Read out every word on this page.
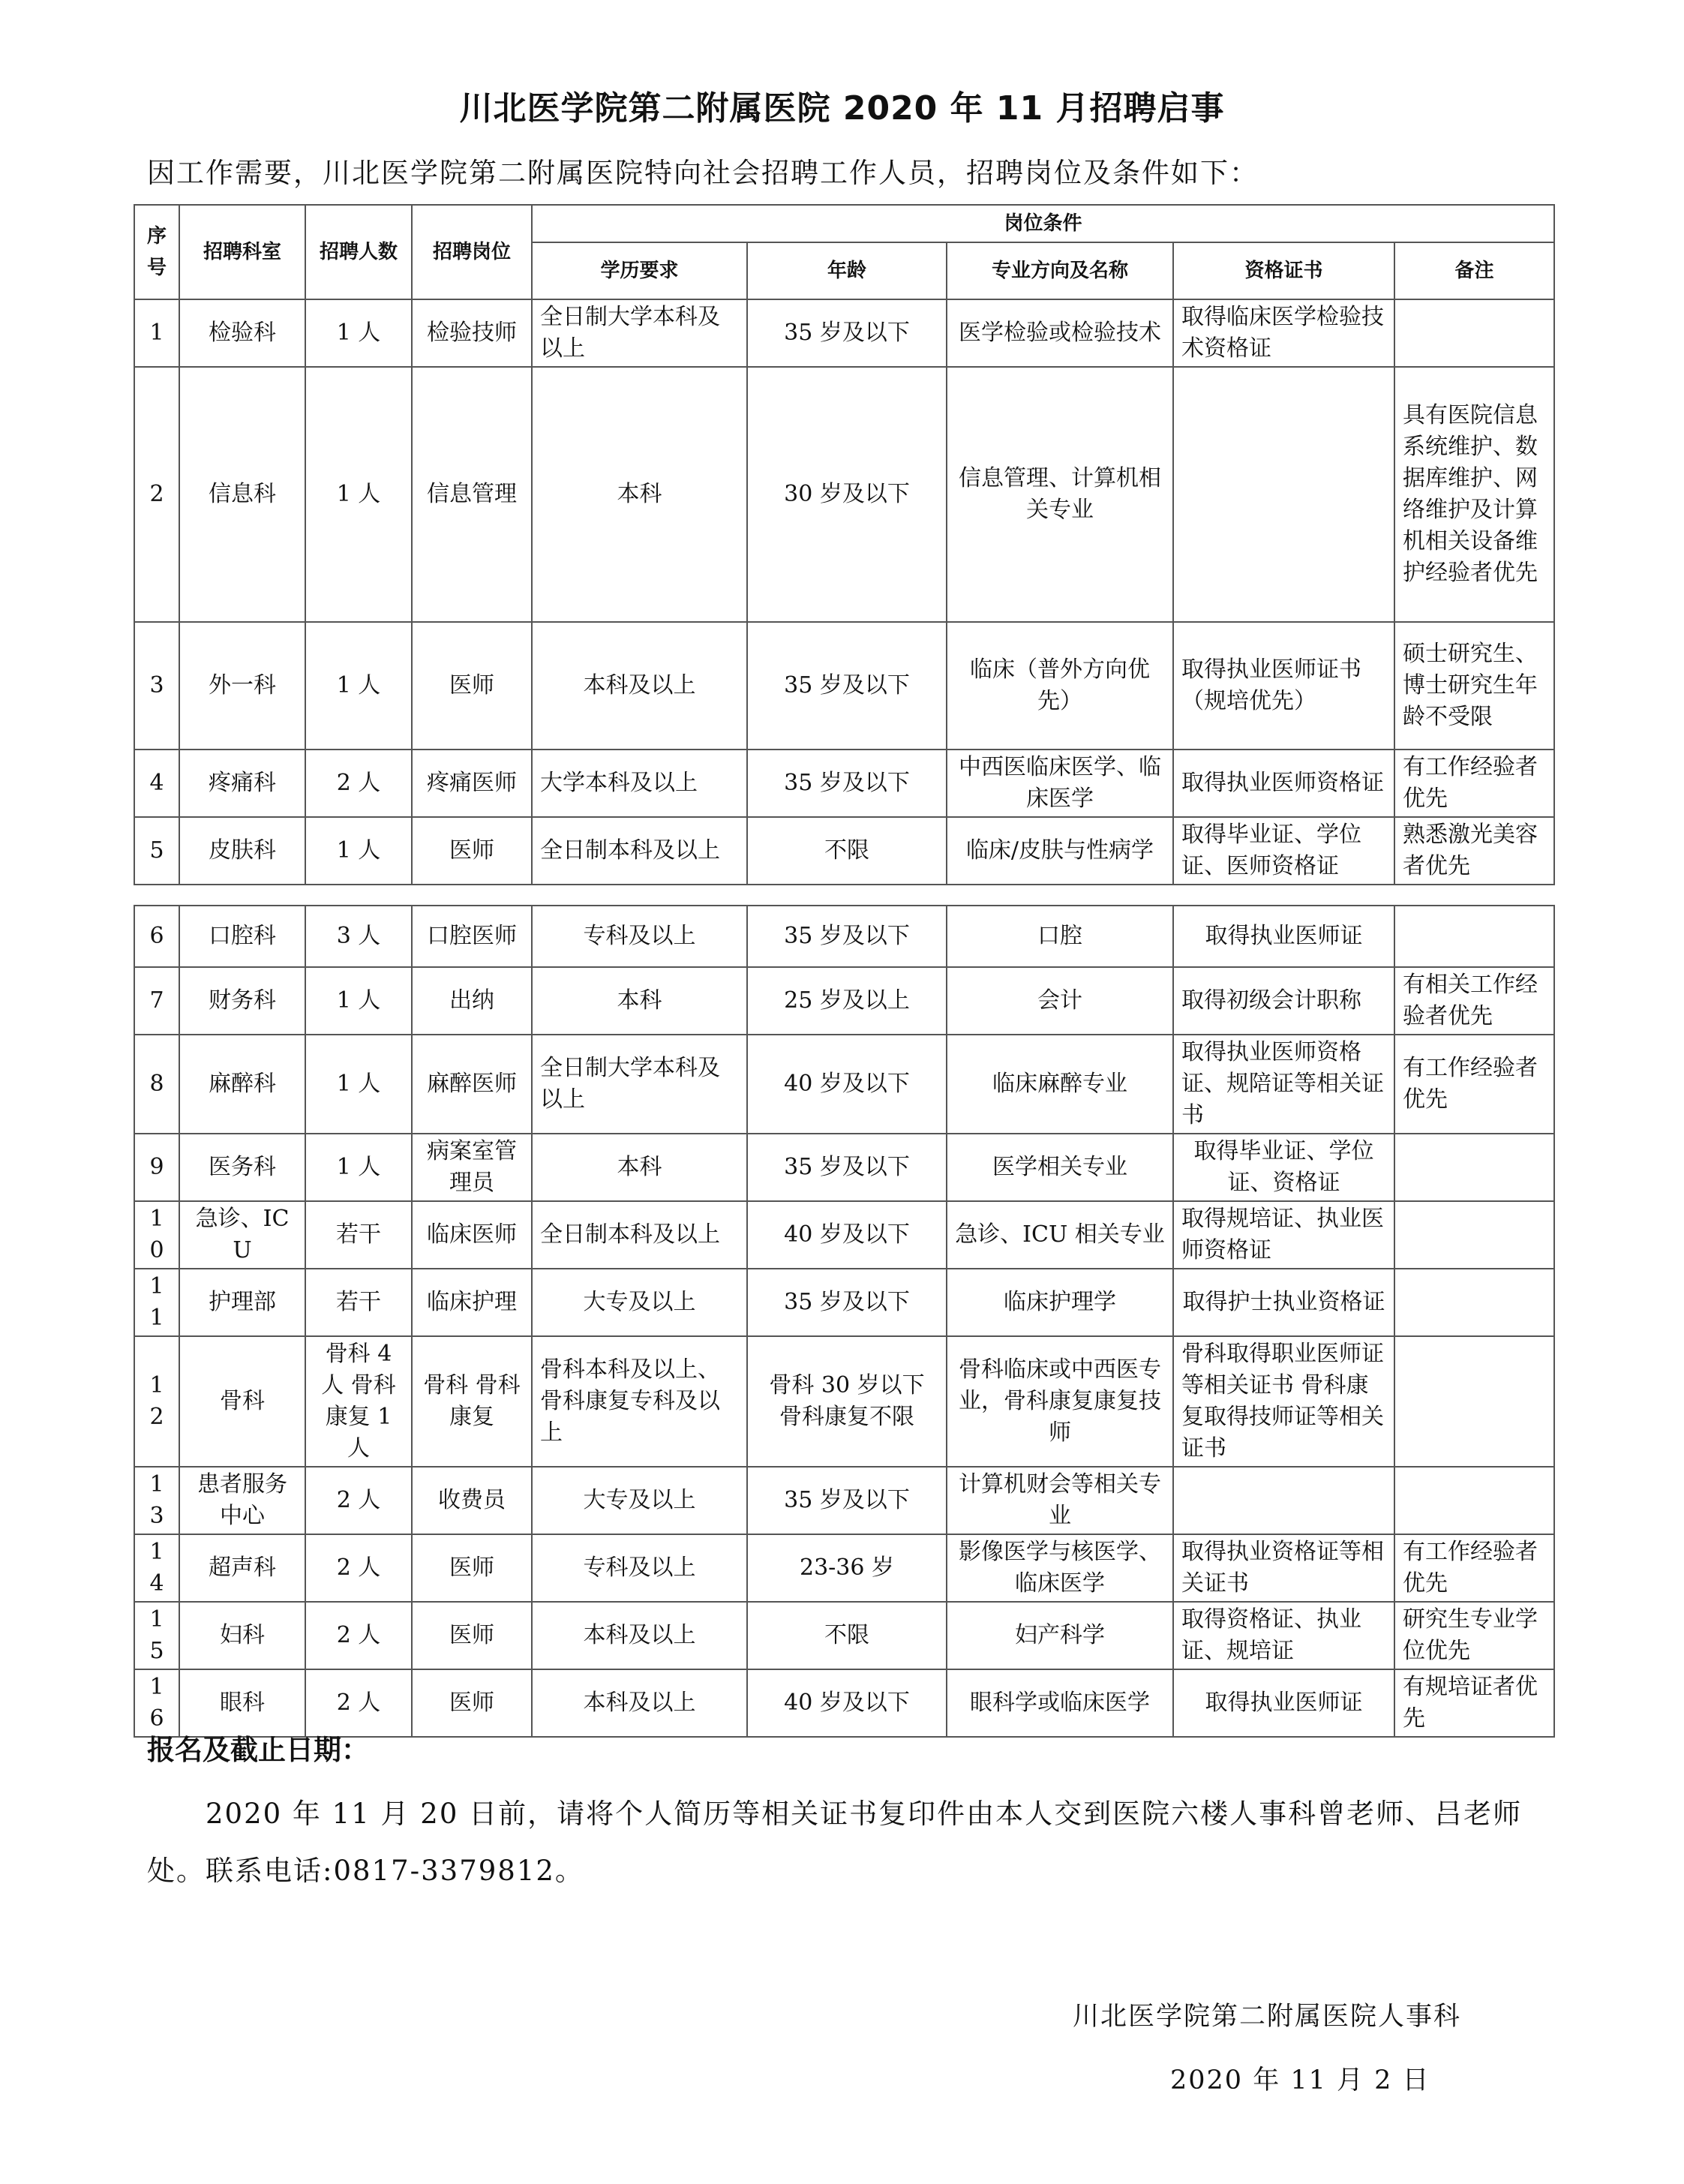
川北医学院第二附属医院 2020 年 11 月招聘启事
因工作需要，川北医学院第二附属医院特向社会招聘工作人员，招聘岗位及条件如下：
序号	招聘科室	招聘人数	招聘岗位	岗位条件				
				学历要求	年龄	专业方向及名称	资格证书	备注
1	检验科	1 人	检验技师	全日制大学本科及以上	35 岁及以下	医学检验或检验技术	取得临床医学检验技术资格证	
2	信息科	1 人	信息管理	本科	30 岁及以下	信息管理、计算机相关专业		具有医院信息系统维护、数据库维护、网络维护及计算机相关设备维护经验者优先
3	外一科	1 人	医师	本科及以上	35 岁及以下	临床（普外方向优先）	取得执业医师证书（规培优先）	硕士研究生、博士研究生年龄不受限
4	疼痛科	2 人	疼痛医师	大学本科及以上	35 岁及以下	中西医临床医学、临床医学	取得执业医师资格证	有工作经验者优先
5	皮肤科	1 人	医师	全日制本科及以上	不限	临床/皮肤与性病学	取得毕业证、学位证、医师资格证	熟悉激光美容者优先
6	口腔科	3 人	口腔医师	专科及以上	35 岁及以下	口腔	取得执业医师证	
7	财务科	1 人	出纳	本科	25 岁及以上	会计	取得初级会计职称	有相关工作经验者优先
8	麻醉科	1 人	麻醉医师	全日制大学本科及以上	40 岁及以下	临床麻醉专业	取得执业医师资格证、规陪证等相关证书	有工作经验者优先
9	医务科	1 人	病案室管理员	本科	35 岁及以下	医学相关专业	取得毕业证、学位证、资格证	
10	急诊、ICU	若干	临床医师	全日制本科及以上	40 岁及以下	急诊、ICU 相关专业	取得规培证、执业医师资格证	
11	护理部	若干	临床护理	大专及以上	35 岁及以下	临床护理学	取得护士执业资格证	
12	骨科	骨科 4 人 骨科康复 1 人	骨科 骨科康复	骨科本科及以上、骨科康复专科及以上	骨科 30 岁以下 骨科康复不限	骨科临床或中西医专业，骨科康复康复技师	骨科取得职业医师证等相关证书 骨科康复取得技师证等相关证书	
13	患者服务中心	2 人	收费员	大专及以上	35 岁及以下	计算机财会等相关专业		
14	超声科	2 人	医师	专科及以上	23-36 岁	影像医学与核医学、临床医学	取得执业资格证等相关证书	有工作经验者优先
15	妇科	2 人	医师	本科及以上	不限	妇产科学	取得资格证、执业证、规培证	研究生专业学位优先
16	眼科	2 人	医师	本科及以上	40 岁及以下	眼科学或临床医学	取得执业医师证	有规培证者优先
报名及截止日期：
2020 年 11 月 20 日前，请将个人简历等相关证书复印件由本人交到医院六楼人事科曾老师、吕老师处。联系电话:0817-3379812。
川北医学院第二附属医院人事科
2020 年 11 月 2 日
